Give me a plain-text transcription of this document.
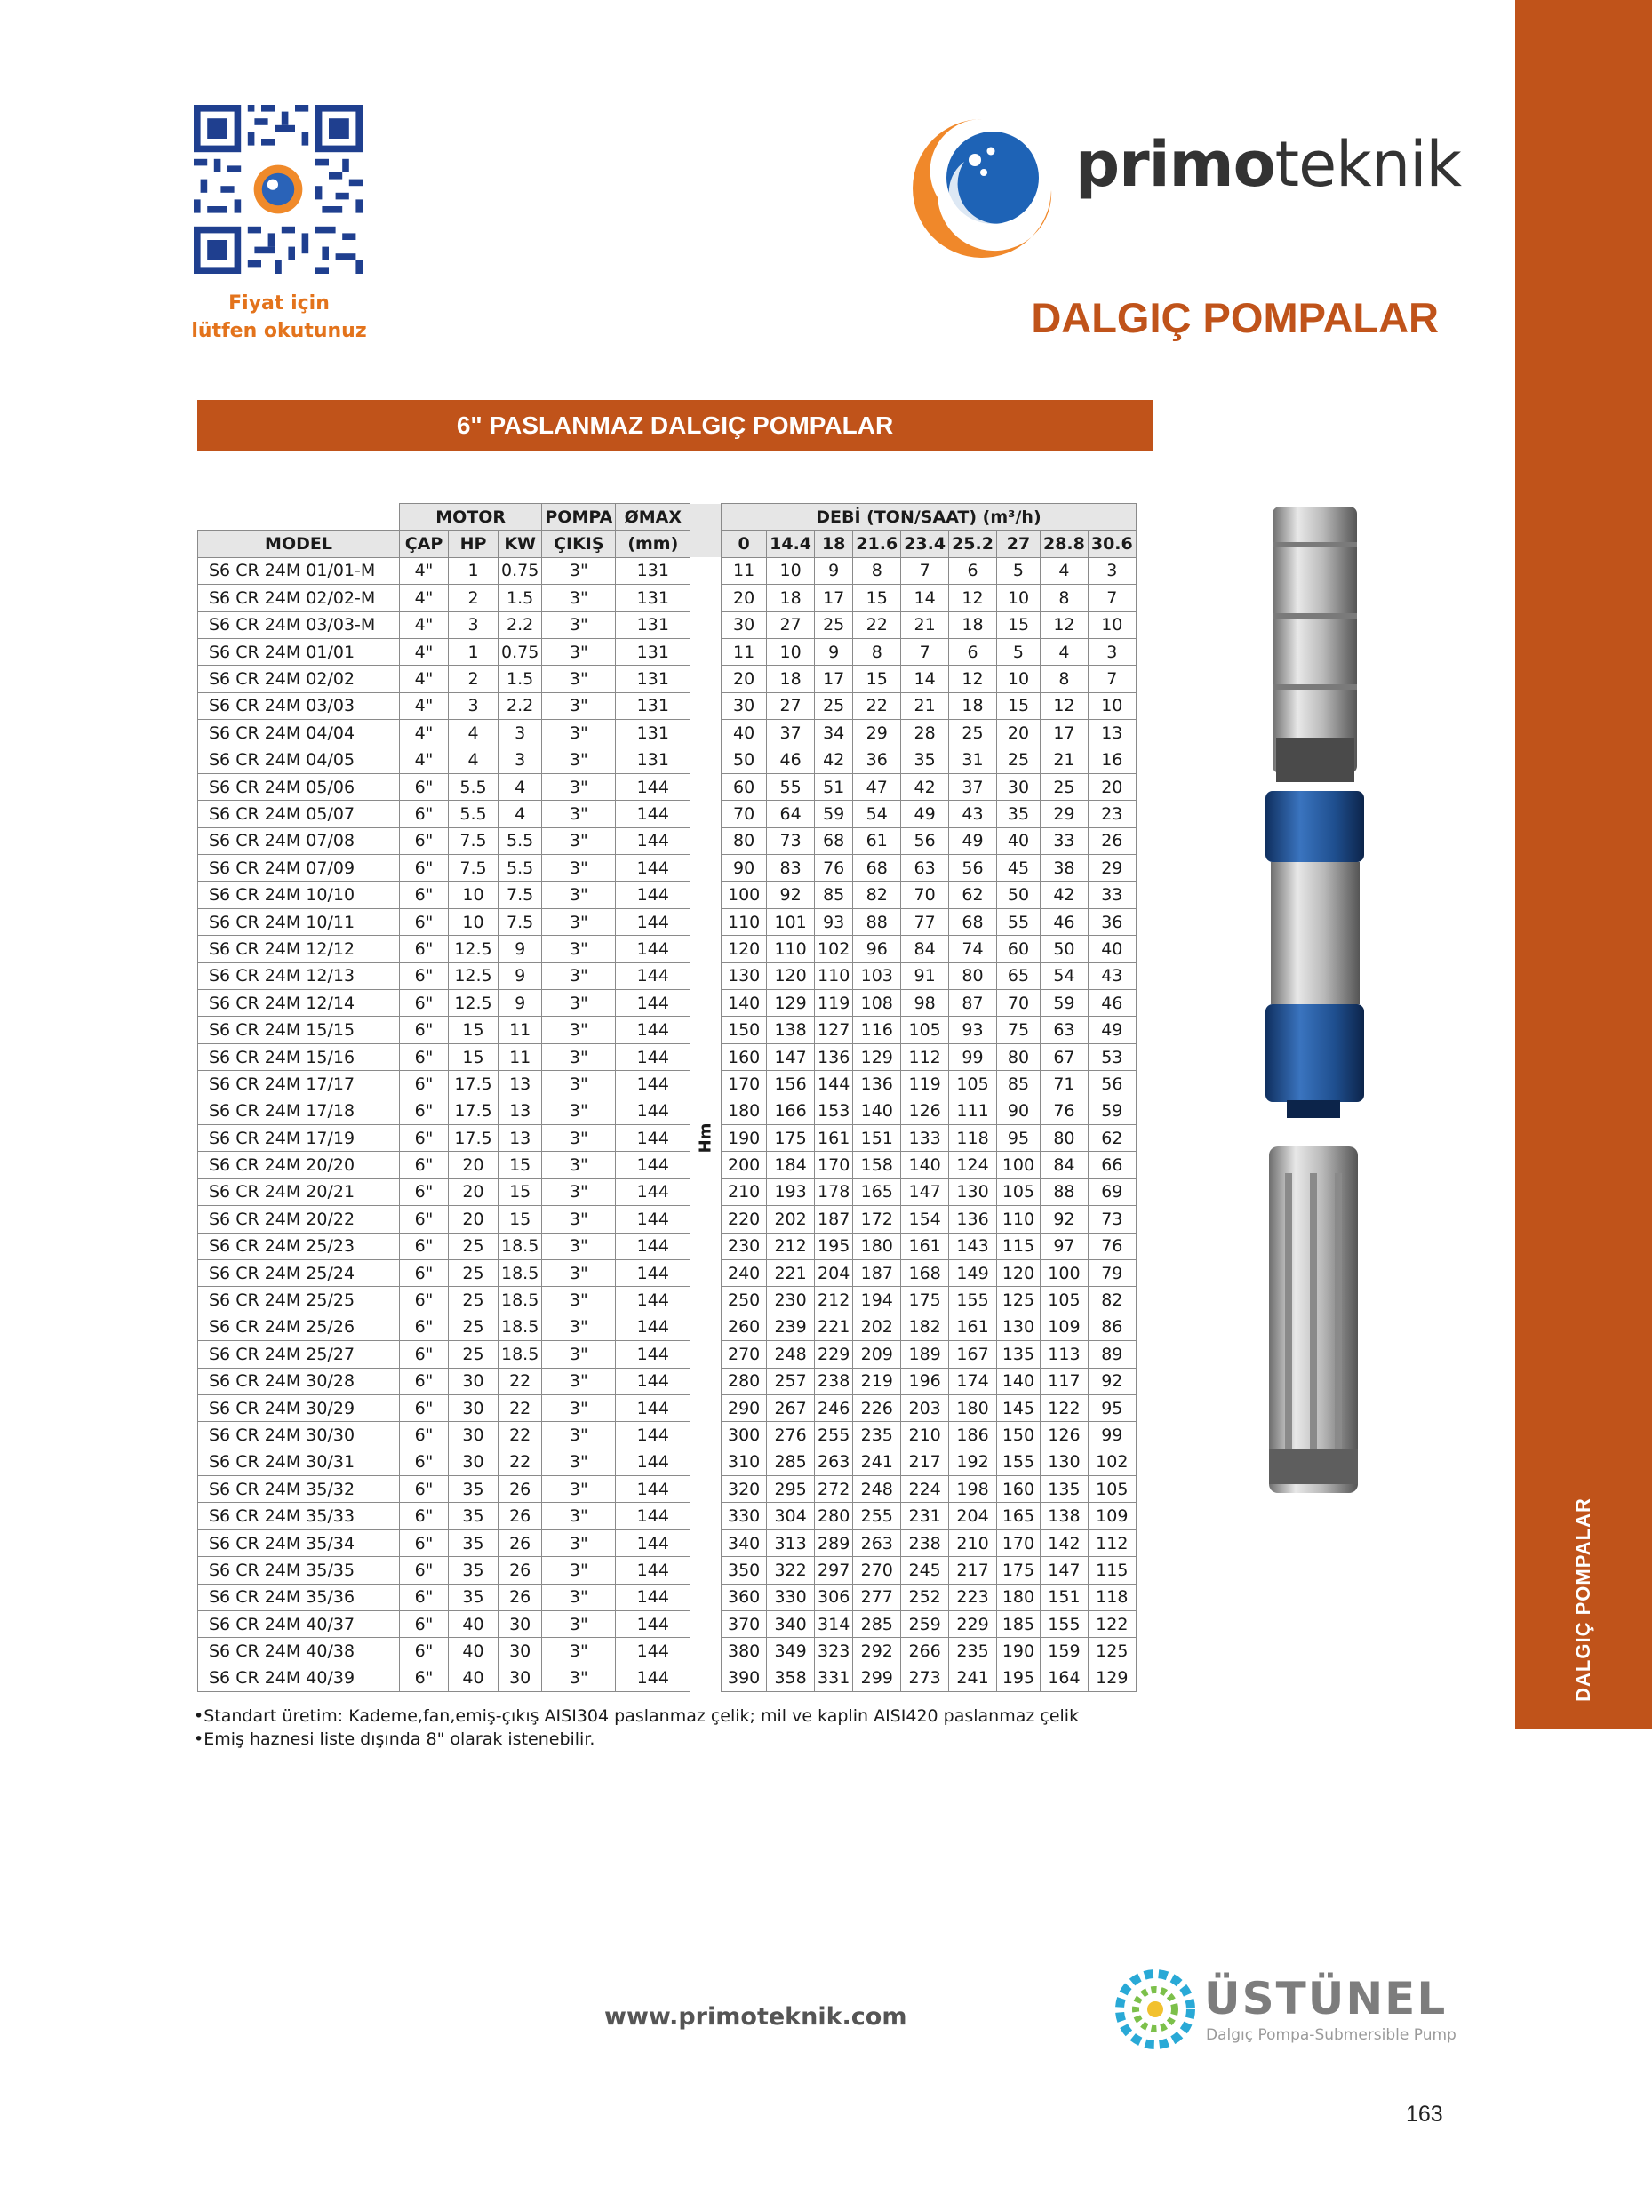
DALGIÇ POMPALAR
Fiyat için
lütfen okutunuz
primoteknik
DALGIÇ POMPALAR
6" PASLANMAZ DALGIÇ POMPALAR
	MOTOR			POMPA	ØMAX		DEBİ (TON/SAAT) (m³/h)								
MODEL	ÇAP	HP	KW	ÇIKIŞ	(mm)		0	14.4	18	21.6	23.4	25.2	27	28.8	30.6
S6 CR 24M 01/01-M	4"	1	0.75	3"	131		11	10	9	8	7	6	5	4	3
S6 CR 24M 02/02-M	4"	2	1.5	3"	131		20	18	17	15	14	12	10	8	7
S6 CR 24M 03/03-M	4"	3	2.2	3"	131		30	27	25	22	21	18	15	12	10
S6 CR 24M 01/01	4"	1	0.75	3"	131		11	10	9	8	7	6	5	4	3
S6 CR 24M 02/02	4"	2	1.5	3"	131		20	18	17	15	14	12	10	8	7
S6 CR 24M 03/03	4"	3	2.2	3"	131		30	27	25	22	21	18	15	12	10
S6 CR 24M 04/04	4"	4	3	3"	131		40	37	34	29	28	25	20	17	13
S6 CR 24M 04/05	4"	4	3	3"	131		50	46	42	36	35	31	25	21	16
S6 CR 24M 05/06	6"	5.5	4	3"	144		60	55	51	47	42	37	30	25	20
S6 CR 24M 05/07	6"	5.5	4	3"	144		70	64	59	54	49	43	35	29	23
S6 CR 24M 07/08	6"	7.5	5.5	3"	144		80	73	68	61	56	49	40	33	26
S6 CR 24M 07/09	6"	7.5	5.5	3"	144		90	83	76	68	63	56	45	38	29
S6 CR 24M 10/10	6"	10	7.5	3"	144		100	92	85	82	70	62	50	42	33
S6 CR 24M 10/11	6"	10	7.5	3"	144		110	101	93	88	77	68	55	46	36
S6 CR 24M 12/12	6"	12.5	9	3"	144		120	110	102	96	84	74	60	50	40
S6 CR 24M 12/13	6"	12.5	9	3"	144		130	120	110	103	91	80	65	54	43
S6 CR 24M 12/14	6"	12.5	9	3"	144		140	129	119	108	98	87	70	59	46
S6 CR 24M 15/15	6"	15	11	3"	144		150	138	127	116	105	93	75	63	49
S6 CR 24M 15/16	6"	15	11	3"	144		160	147	136	129	112	99	80	67	53
S6 CR 24M 17/17	6"	17.5	13	3"	144		170	156	144	136	119	105	85	71	56
S6 CR 24M 17/18	6"	17.5	13	3"	144		180	166	153	140	126	111	90	76	59
S6 CR 24M 17/19	6"	17.5	13	3"	144	Hm	190	175	161	151	133	118	95	80	62
S6 CR 24M 20/20	6"	20	15	3"	144		200	184	170	158	140	124	100	84	66
S6 CR 24M 20/21	6"	20	15	3"	144		210	193	178	165	147	130	105	88	69
S6 CR 24M 20/22	6"	20	15	3"	144		220	202	187	172	154	136	110	92	73
S6 CR 24M 25/23	6"	25	18.5	3"	144		230	212	195	180	161	143	115	97	76
S6 CR 24M 25/24	6"	25	18.5	3"	144		240	221	204	187	168	149	120	100	79
S6 CR 24M 25/25	6"	25	18.5	3"	144		250	230	212	194	175	155	125	105	82
S6 CR 24M 25/26	6"	25	18.5	3"	144		260	239	221	202	182	161	130	109	86
S6 CR 24M 25/27	6"	25	18.5	3"	144		270	248	229	209	189	167	135	113	89
S6 CR 24M 30/28	6"	30	22	3"	144		280	257	238	219	196	174	140	117	92
S6 CR 24M 30/29	6"	30	22	3"	144		290	267	246	226	203	180	145	122	95
S6 CR 24M 30/30	6"	30	22	3"	144		300	276	255	235	210	186	150	126	99
S6 CR 24M 30/31	6"	30	22	3"	144		310	285	263	241	217	192	155	130	102
S6 CR 24M 35/32	6"	35	26	3"	144		320	295	272	248	224	198	160	135	105
S6 CR 24M 35/33	6"	35	26	3"	144		330	304	280	255	231	204	165	138	109
S6 CR 24M 35/34	6"	35	26	3"	144		340	313	289	263	238	210	170	142	112
S6 CR 24M 35/35	6"	35	26	3"	144		350	322	297	270	245	217	175	147	115
S6 CR 24M 35/36	6"	35	26	3"	144		360	330	306	277	252	223	180	151	118
S6 CR 24M 40/37	6"	40	30	3"	144		370	340	314	285	259	229	185	155	122
S6 CR 24M 40/38	6"	40	30	3"	144		380	349	323	292	266	235	190	159	125
S6 CR 24M 40/39	6"	40	30	3"	144		390	358	331	299	273	241	195	164	129
•Standart üretim: Kademe,fan,emiş-çıkış AISI304 paslanmaz çelik; mil ve kaplin AISI420 paslanmaz çelik
•Emiş haznesi liste dışında 8" olarak istenebilir.
www.primoteknik.com	ÜSTÜNEL
Dalgıç Pompa-Submersible Pump
163
